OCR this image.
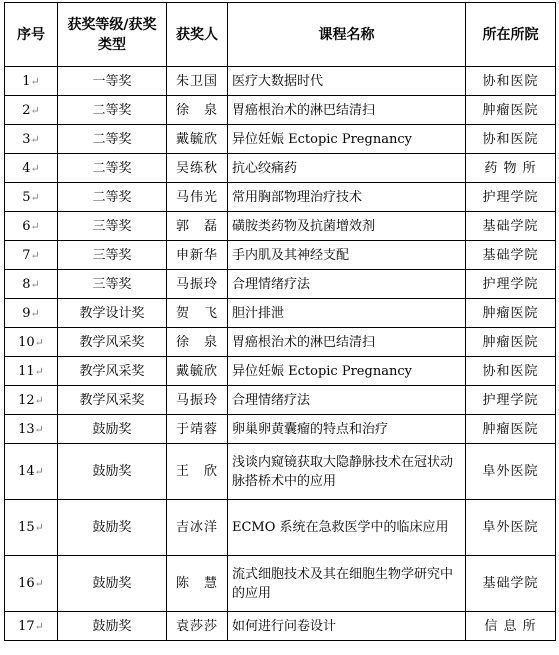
序号	获奖等级/获奖类型	获奖人	课程名称	所在所院
1↵	一等奖	朱卫国	医疗大数据时代	协和医院
2↵	二等奖	徐　泉	胃癌根治术的淋巴结清扫	肿瘤医院
3↵	二等奖	戴毓欣	异位妊娠 Ectopic Pregnancy	协和医院
4↵	二等奖	吴练秋	抗心绞痛药	药 物 所
5↵	二等奖	马伟光	常用胸部物理治疗技术	护理学院
6↵	三等奖	郭　磊	磺胺类药物及抗菌增效剂	基础学院
7↵	三等奖	申新华	手内肌及其神经支配	基础学院
8↵	三等奖	马振玲	合理情绪疗法	护理学院
9↵	教学设计奖	贺　飞	胆汁排泄	肿瘤医院
10↵	教学风采奖	徐　泉	胃癌根治术的淋巴结清扫	肿瘤医院
11↵	教学风采奖	戴毓欣	异位妊娠 Ectopic Pregnancy	协和医院
12↵	教学风采奖	马振玲	合理情绪疗法	护理学院
13↵	鼓励奖	于靖蓉	卵巢卵黄囊瘤的特点和治疗	肿瘤医院
14↵	鼓励奖	王　欣	浅谈内窥镜获取大隐静脉技术在冠状动脉搭桥术中的应用	阜外医院
15↵	鼓励奖	吉冰洋	ECMO 系统在急救医学中的临床应用	阜外医院
16↵	鼓励奖	陈　慧	流式细胞技术及其在细胞生物学研究中的应用	基础学院
17↵	鼓励奖	袁莎莎	如何进行问卷设计	信 息 所
